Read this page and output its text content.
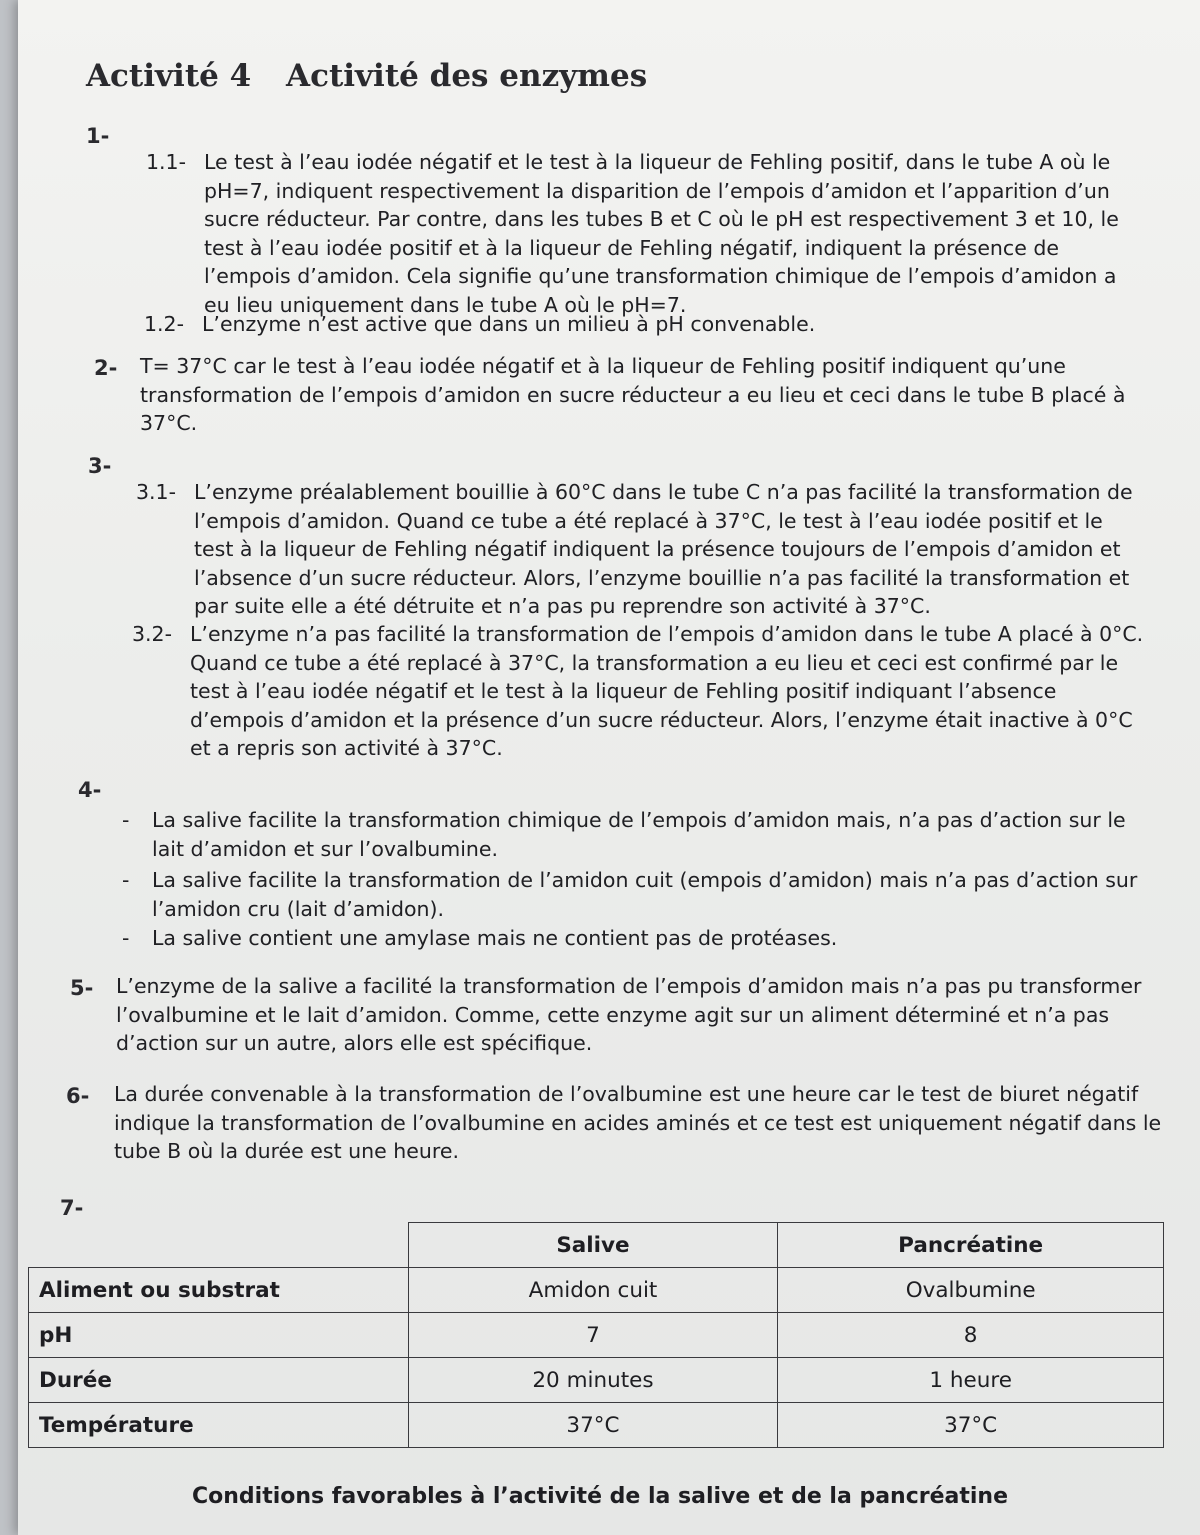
Activité 4 Activité des enzymes
1-
1.1- Le test à l’eau iodée négatif et le test à la liqueur de Fehling positif, dans le tube A où le pH=7, indiquent respectivement la disparition de l’empois d’amidon et l’apparition d’un sucre réducteur. Par contre, dans les tubes B et C où le pH est respectivement 3 et 10, le test à l’eau iodée positif et à la liqueur de Fehling négatif, indiquent la présence de l’empois d’amidon. Cela signifie qu’une transformation chimique de l’empois d’amidon a eu lieu uniquement dans le tube A où le pH=7.
1.2- L’enzyme n’est active que dans un milieu à pH convenable.
2- T= 37°C car le test à l’eau iodée négatif et à la liqueur de Fehling positif indiquent qu’une transformation de l’empois d’amidon en sucre réducteur a eu lieu et ceci dans le tube B placé à 37°C.
3-
3.1- L’enzyme préalablement bouillie à 60°C dans le tube C n’a pas facilité la transformation de l’empois d’amidon. Quand ce tube a été replacé à 37°C, le test à l’eau iodée positif et le test à la liqueur de Fehling négatif indiquent la présence toujours de l’empois d’amidon et l’absence d’un sucre réducteur. Alors, l’enzyme bouillie n’a pas facilité la transformation et par suite elle a été détruite et n’a pas pu reprendre son activité à 37°C.
3.2- L’enzyme n’a pas facilité la transformation de l’empois d’amidon dans le tube A placé à 0°C. Quand ce tube a été replacé à 37°C, la transformation a eu lieu et ceci est confirmé par le test à l’eau iodée négatif et le test à la liqueur de Fehling positif indiquant l’absence d’empois d’amidon et la présence d’un sucre réducteur. Alors, l’enzyme était inactive à 0°C et a repris son activité à 37°C.
4-
- La salive facilite la transformation chimique de l’empois d’amidon mais, n’a pas d’action sur le lait d’amidon et sur l’ovalbumine.
- La salive facilite la transformation de l’amidon cuit (empois d’amidon) mais n’a pas d’action sur l’amidon cru (lait d’amidon).
- La salive contient une amylase mais ne contient pas de protéases.
5- L’enzyme de la salive a facilité la transformation de l’empois d’amidon mais n’a pas pu transformer l’ovalbumine et le lait d’amidon. Comme, cette enzyme agit sur un aliment déterminé et n’a pas d’action sur un autre, alors elle est spécifique.
6- La durée convenable à la transformation de l’ovalbumine est une heure car le test de biuret négatif indique la transformation de l’ovalbumine en acides aminés et ce test est uniquement négatif dans le tube B où la durée est une heure.
7-
	Salive	Pancréatine
Aliment ou substrat	Amidon cuit	Ovalbumine
pH	7	8
Durée	20 minutes	1 heure
Température	37°C	37°C
Conditions favorables à l’activité de la salive et de la pancréatine
